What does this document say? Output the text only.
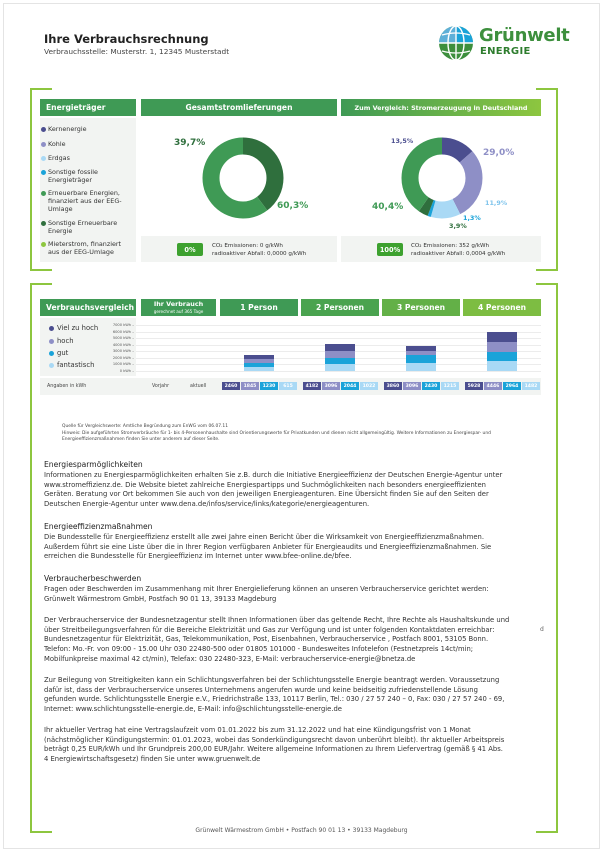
Ihre Verbrauchsrechnung
Verbrauchsstelle: Musterstr. 1, 12345 Musterstadt
Grünwelt
ENERGIE
Energieträger	Gesamtstromlieferungen	Zum Vergleich: Stromerzeugung in Deutschland
Kernenergie
Kohle
Erdgas
Sonstige fossile Energieträger
Erneuerbare Energien, finanziert aus der EEG-Umlage
Sonstige Erneuerbare Energie
Mieterstrom, finanziert aus der EEG-Umlage
39,7%
60,3%
13,5%
29,0%
11,9%
1,3%
3,9%
40,4%
0%	CO₂ Emissionen: 0 g/kWh
radioaktiver Abfall: 0,0000 g/kWh
100%	CO₂ Emissionen: 352 g/kWh
radioaktiver Abfall: 0,0004 g/kWh
Verbrauchsvergleich	Ihr Verbrauch
gerechnet auf 365 Tage	1 Person	2 Personen	3 Personen	4 Personen
Viel zu hoch
hoch
gut
fantastisch
Angaben in kWh	Vorjahr	aktuell
7000 kWh –
6000 kWh –
5000 kWh –
4000 kWh –
3000 kWh –
2000 kWh –
1000 kWh –
0 kWh –
2460	1845	1230	615	4182	3096	2044	1022	3860	3096	2430	1215	5928	4446	2964	1482
Quelle für Vergleichswerte: Amtliche Begründung zum EnWG vom 06.07.11
Hinweis: Die aufgeführten Stromverbräuche für 1- bis 4-Personenhaushalte sind Orientierungswerte für Privatkunden und dienen nicht allgemeingültig. Weitere Informationen zu Energiespar- und
Energieeffizienzmaßnahmen finden Sie unter anderem auf dieser Seite.
Energiesparmöglichkeiten
Informationen zu Energiesparmöglichkeiten erhalten Sie z.B. durch die Initiative Energieeffizienz der Deutschen Energie-Agentur unter
www.stromeffizienz.de. Die Website bietet zahlreiche Energiespartipps und Suchmöglichkeiten nach besonders energieeffizienten
Geräten. Beratung vor Ort bekommen Sie auch von den jeweiligen Energieagenturen. Eine Übersicht finden Sie auf den Seiten der
Deutschen Energie-Agentur unter www.dena.de/infos/service/links/kategorie/energieagenturen.
Energieeffizienzmaßnahmen
Die Bundesstelle für Energieeffizienz erstellt alle zwei Jahre einen Bericht über die Wirksamkeit von Energieeffizienzmaßnahmen.
Außerdem führt sie eine Liste über die in Ihrer Region verfügbaren Anbieter für Energieaudits und Energieeffizienzmaßnahmen. Sie
erreichen die Bundesstelle für Energieeffizienz im Internet unter www.bfee-online.de/bfee.
Verbraucherbeschwerden
Fragen oder Beschwerden im Zusammenhang mit Ihrer Energielieferung können an unseren Verbraucherservice gerichtet werden:
Grünwelt Wärmestrom GmbH, Postfach 90 01 13, 39133 Magdeburg
Der Verbraucherservice der Bundesnetzagentur stellt Ihnen Informationen über das geltende Recht, Ihre Rechte als Haushaltskunde und
über Streitbeilegungsverfahren für die Bereiche Elektrizität und Gas zur Verfügung und ist unter folgenden Kontaktdaten erreichbar:
Bundesnetzagentur für Elektrizität, Gas, Telekommunikation, Post, Eisenbahnen, Verbraucherservice , Postfach 8001, 53105 Bonn.
Telefon: Mo.-Fr. von 09:00 - 15.00 Uhr 030 22480-500 oder 01805 101000 - Bundesweites Infotelefon (Festnetzpreis 14ct/min;
Mobilfunkpreise maximal 42 ct/min), Telefax: 030 22480-323, E-Mail: verbraucherservice-energie@bnetza.de
d
Zur Beilegung von Streitigkeiten kann ein Schlichtungsverfahren bei der Schlichtungsstelle Energie beantragt werden. Voraussetzung
dafür ist, dass der Verbraucherservice unseres Unternehmens angerufen wurde und keine beidseitig zufriedenstellende Lösung
gefunden wurde. Schlichtungsstelle Energie e.V., Friedrichstraße 133, 10117 Berlin, Tel.: 030 / 27 57 240 – 0, Fax: 030 / 27 57 240 - 69,
Internet: www.schlichtungsstelle-energie.de, E-Mail: info@schlichtungsstelle-energie.de
Ihr aktueller Vertrag hat eine Vertragslaufzeit vom 01.01.2022 bis zum 31.12.2022 und hat eine Kündigungsfrist von 1 Monat
(nächstmöglicher Kündigungstermin: 01.01.2023, wobei das Sonderkündigungsrecht davon unberührt bleibt). Ihr aktueller Arbeitspreis
beträgt 0,25 EUR/kWh und Ihr Grundpreis 200,00 EUR/Jahr. Weitere allgemeine Informationen zu Ihrem Liefervertrag (gemäß § 41 Abs.
4 Energiewirtschaftsgesetz) finden Sie unter www.gruenwelt.de
Grünwelt Wärmestrom GmbH • Postfach 90 01 13 • 39133 Magdeburg
